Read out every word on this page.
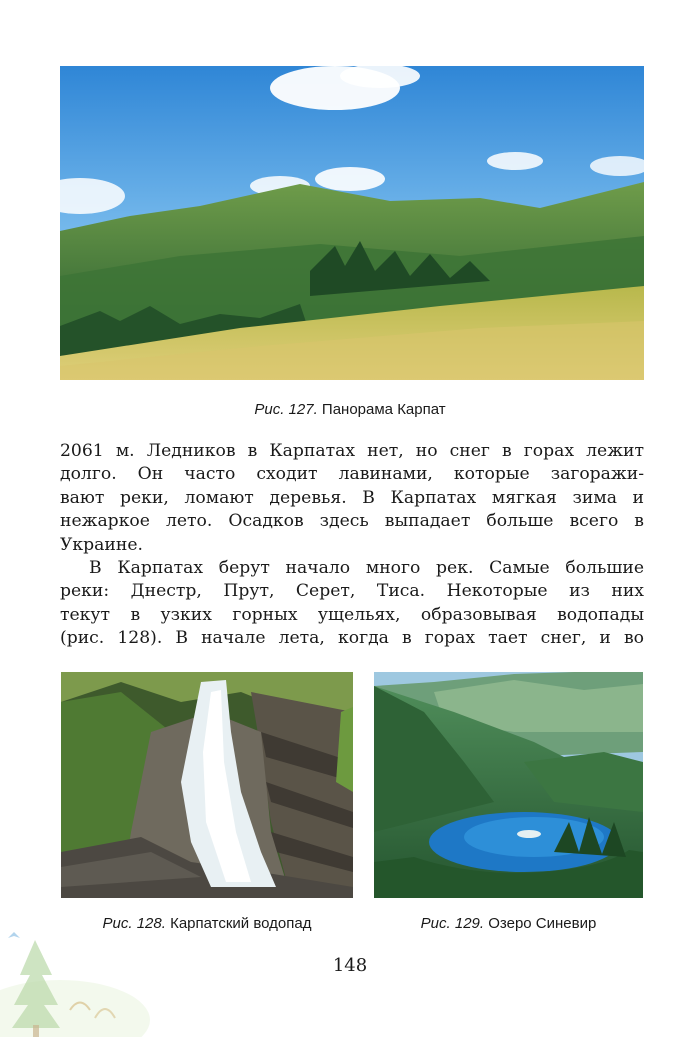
Рис. 127. Панорама Карпат
2061 м. Ледников в Карпатах нет, но снег в горах лежит
долго. Он часто сходит лавинами, которые загоражи-
вают реки, ломают деревья. В Карпатах мягкая зима и
нежаркое лето. Осадков здесь выпадает больше всего в
Украине.
В Карпатах берут начало много рек. Самые большие
реки: Днестр, Прут, Серет, Тиса. Некоторые из них
текут в узких горных ущельях, образовывая водопады
(рис. 128). В начале лета, когда в горах тает снег, и во
Рис. 128. Карпатский водопад	Рис. 129. Озеро Синевир
148
